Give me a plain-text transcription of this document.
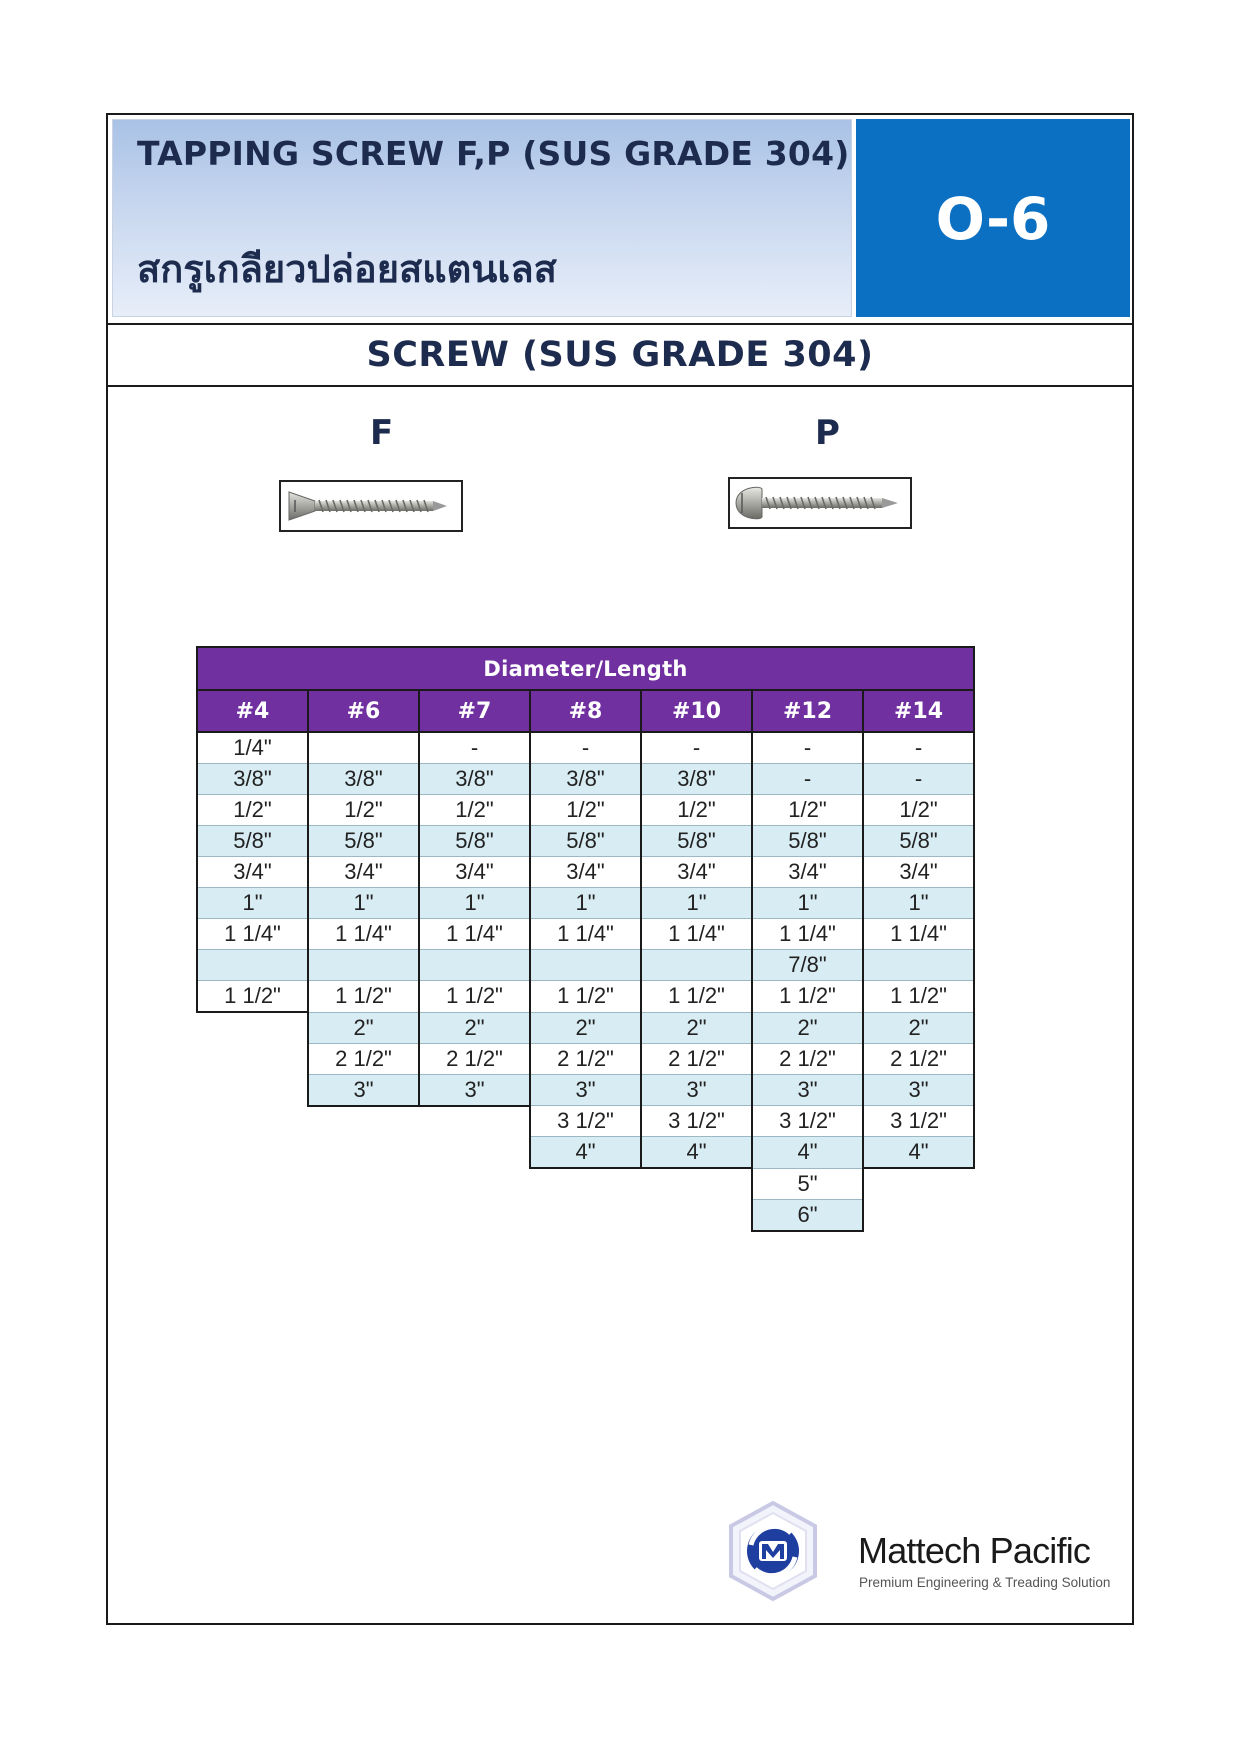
TAPPING SCREW F,P (SUS GRADE 304)
สกรูเกลียวปล่อยสแตนเลส
O-6
SCREW (SUS GRADE 304)
F	P
Diameter/Length						
#4	#6	#7	#8	#10	#12	#14
1/4"		-	-	-	-	-
3/8"	3/8"	3/8"	3/8"	3/8"	-	-
1/2"	1/2"	1/2"	1/2"	1/2"	1/2"	1/2"
5/8"	5/8"	5/8"	5/8"	5/8"	5/8"	5/8"
3/4"	3/4"	3/4"	3/4"	3/4"	3/4"	3/4"
1"	1"	1"	1"	1"	1"	1"
1 1/4"	1 1/4"	1 1/4"	1 1/4"	1 1/4"	1 1/4"	1 1/4"
					7/8"	
1 1/2"	1 1/2"	1 1/2"	1 1/2"	1 1/2"	1 1/2"	1 1/2"
	2"	2"	2"	2"	2"	2"
	2 1/2"	2 1/2"	2 1/2"	2 1/2"	2 1/2"	2 1/2"
	3"	3"	3"	3"	3"	3"
			3 1/2"	3 1/2"	3 1/2"	3 1/2"
			4"	4"	4"	4"
					5"	
					6"	
Mattech Pacific
Premium Engineering & Treading Solution
